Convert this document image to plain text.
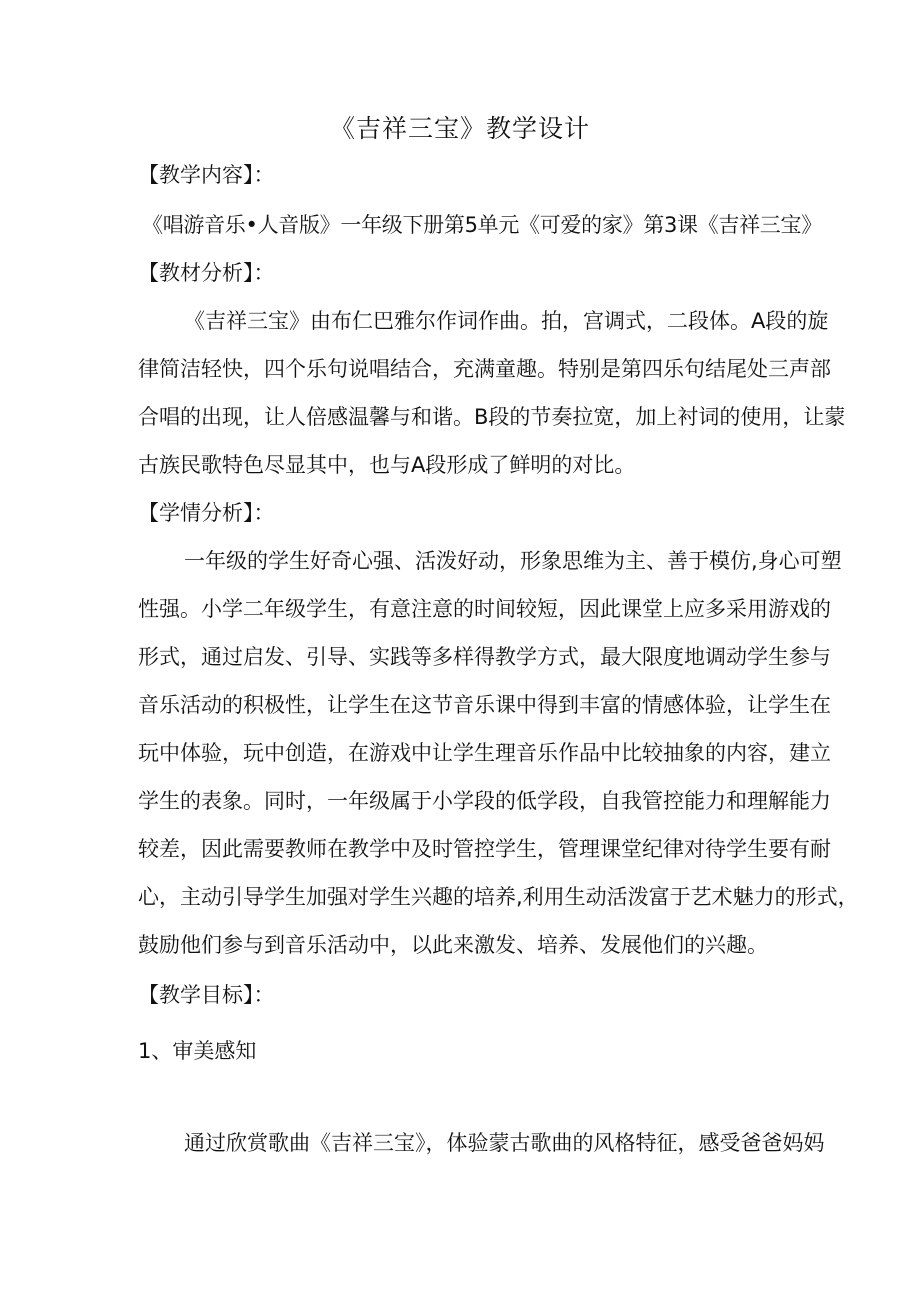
《吉祥三宝》教学设计
【教学内容】：
《唱游音乐•人音版》一年级下册第5单元《可爱的家》第3课《吉祥三宝》
【教材分析】：
《吉祥三宝》由布仁巴雅尔作词作曲。拍，宫调式，二段体。A段的旋
律简洁轻快，四个乐句说唱结合，充满童趣。特别是第四乐句结尾处三声部
合唱的出现，让人倍感温馨与和谐。B段的节奏拉宽，加上衬词的使用，让蒙
古族民歌特色尽显其中，也与A段形成了鲜明的对比。
【学情分析】：
一年级的学生好奇心强、活泼好动，形象思维为主、善于模仿,身心可塑
性强。小学二年级学生，有意注意的时间较短，因此课堂上应多采用游戏的
形式，通过启发、引导、实践等多样得教学方式，最大限度地调动学生参与
音乐活动的积极性，让学生在这节音乐课中得到丰富的情感体验，让学生在
玩中体验，玩中创造，在游戏中让学生理音乐作品中比较抽象的内容，建立
学生的表象。同时，一年级属于小学段的低学段，自我管控能力和理解能力
较差，因此需要教师在教学中及时管控学生，管理课堂纪律对待学生要有耐
心，主动引导学生加强对学生兴趣的培养,利用生动活泼富于艺术魅力的形式，
鼓励他们参与到音乐活动中，以此来激发、培养、发展他们的兴趣。
【教学目标】：
1、审美感知
通过欣赏歌曲《吉祥三宝》，体验蒙古歌曲的风格特征，感受爸爸妈妈
